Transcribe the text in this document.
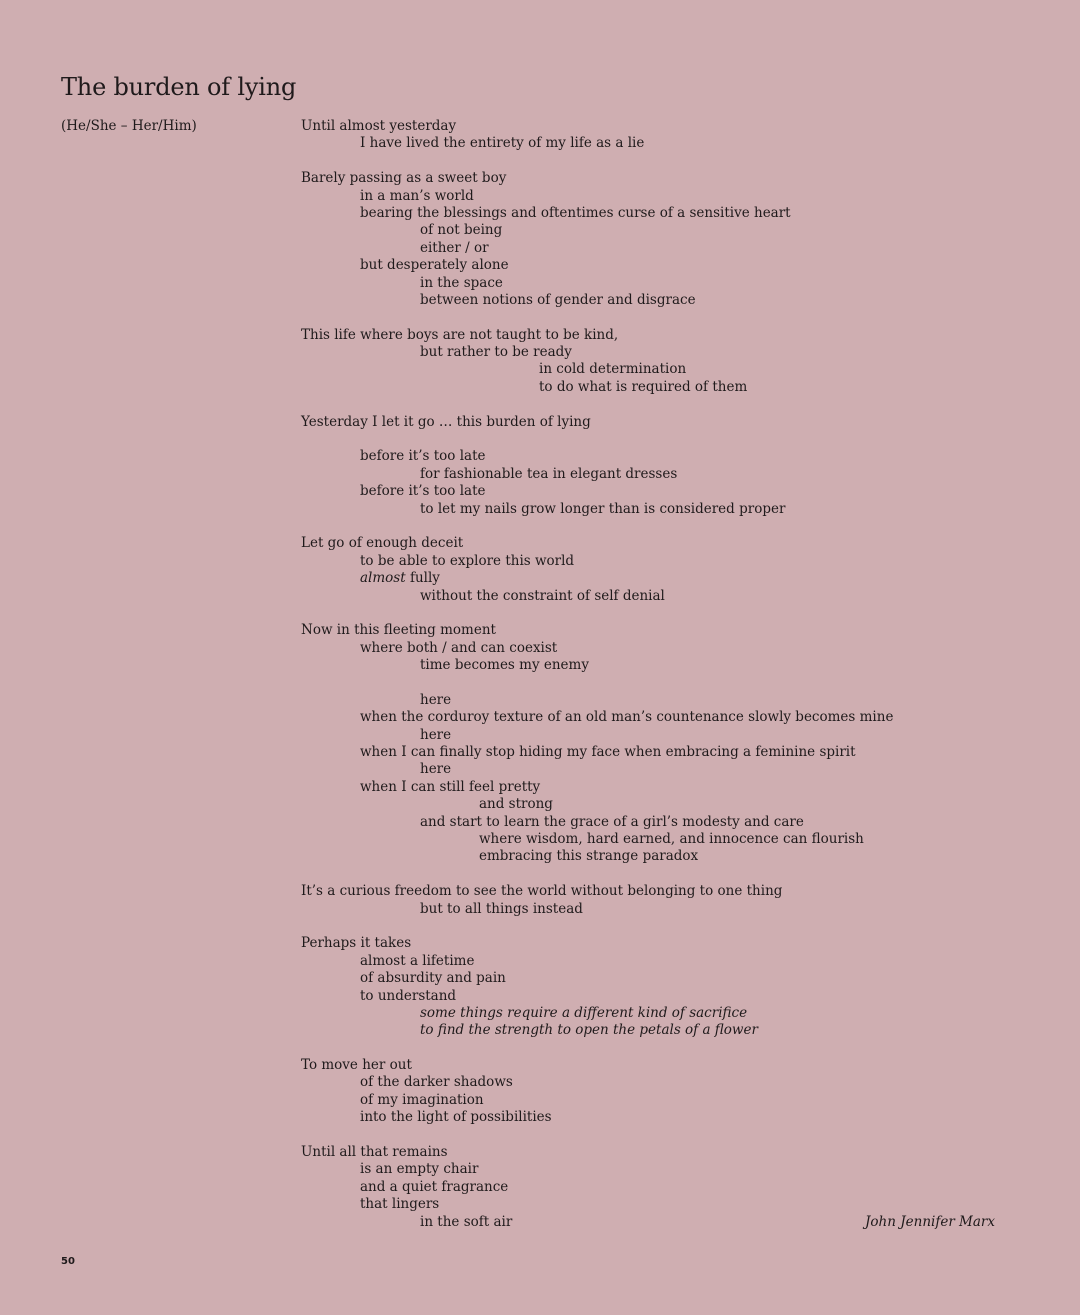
The burden of lying
(He/She – Her/Him)	Until almost yesterday
I have lived the entirety of my life as a lie
Barely passing as a sweet boy
in a man’s world
bearing the blessings and oftentimes curse of a sensitive heart
of not being
either / or
but desperately alone
in the space
between notions of gender and disgrace
This life where boys are not taught to be kind,
but rather to be ready
in cold determination
to do what is required of them
Yesterday I let it go … this burden of lying
before it’s too late
for fashionable tea in elegant dresses
before it’s too late
to let my nails grow longer than is considered proper
Let go of enough deceit
to be able to explore this world
almost fully
without the constraint of self denial
Now in this fleeting moment
where both / and can coexist
time becomes my enemy
here
when the corduroy texture of an old man’s countenance slowly becomes mine
here
when I can finally stop hiding my face when embracing a feminine spirit
here
when I can still feel pretty
and strong
and start to learn the grace of a girl’s modesty and care
where wisdom, hard earned, and innocence can flourish
embracing this strange paradox
It’s a curious freedom to see the world without belonging to one thing
but to all things instead
Perhaps it takes
almost a lifetime
of absurdity and pain
to understand
some things require a different kind of sacrifice
to find the strength to open the petals of a flower
To move her out
of the darker shadows
of my imagination
into the light of possibilities
Until all that remains
is an empty chair
and a quiet fragrance
that lingers
in the soft air	John Jennifer Marx
50
